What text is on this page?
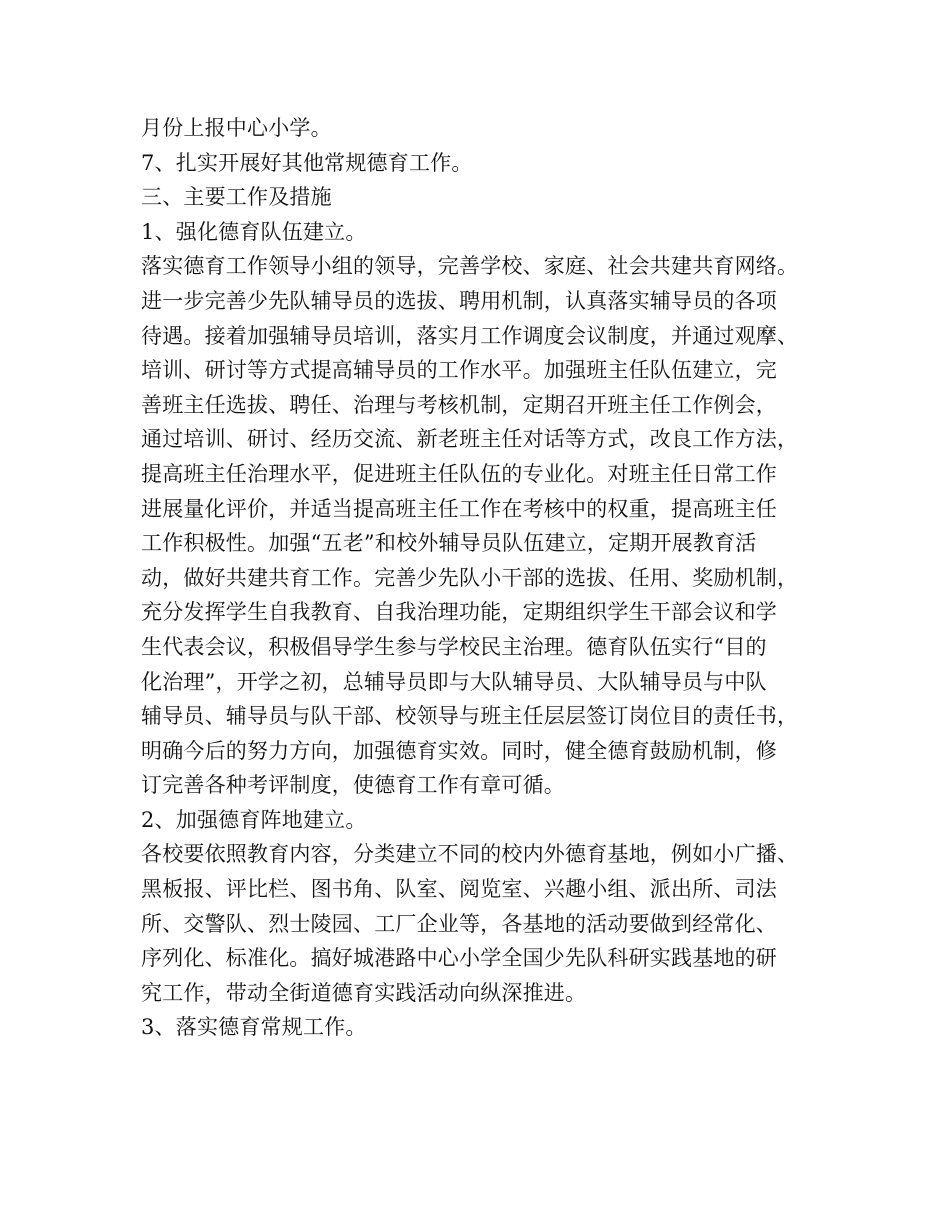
月份上报中心小学。
7、扎实开展好其他常规德育工作。
三、主要工作及措施
1、强化德育队伍建立。
落实德育工作领导小组的领导，完善学校、家庭、社会共建共育网络。
进一步完善少先队辅导员的选拔、聘用机制，认真落实辅导员的各项
待遇。接着加强辅导员培训，落实月工作调度会议制度，并通过观摩、
培训、研讨等方式提高辅导员的工作水平。加强班主任队伍建立，完
善班主任选拔、聘任、治理与考核机制，定期召开班主任工作例会，
通过培训、研讨、经历交流、新老班主任对话等方式，改良工作方法，
提高班主任治理水平，促进班主任队伍的专业化。对班主任日常工作
进展量化评价，并适当提高班主任工作在考核中的权重，提高班主任
工作积极性。加强“五老”和校外辅导员队伍建立，定期开展教育活
动，做好共建共育工作。完善少先队小干部的选拔、任用、奖励机制，
充分发挥学生自我教育、自我治理功能，定期组织学生干部会议和学
生代表会议，积极倡导学生参与学校民主治理。德育队伍实行“目的
化治理”，开学之初，总辅导员即与大队辅导员、大队辅导员与中队
辅导员、辅导员与队干部、校领导与班主任层层签订岗位目的责任书，
明确今后的努力方向，加强德育实效。同时，健全德育鼓励机制，修
订完善各种考评制度，使德育工作有章可循。
2、加强德育阵地建立。
各校要依照教育内容，分类建立不同的校内外德育基地，例如小广播、
黑板报、评比栏、图书角、队室、阅览室、兴趣小组、派出所、司法
所、交警队、烈士陵园、工厂企业等，各基地的活动要做到经常化、
序列化、标准化。搞好城港路中心小学全国少先队科研实践基地的研
究工作，带动全街道德育实践活动向纵深推进。
3、落实德育常规工作。
